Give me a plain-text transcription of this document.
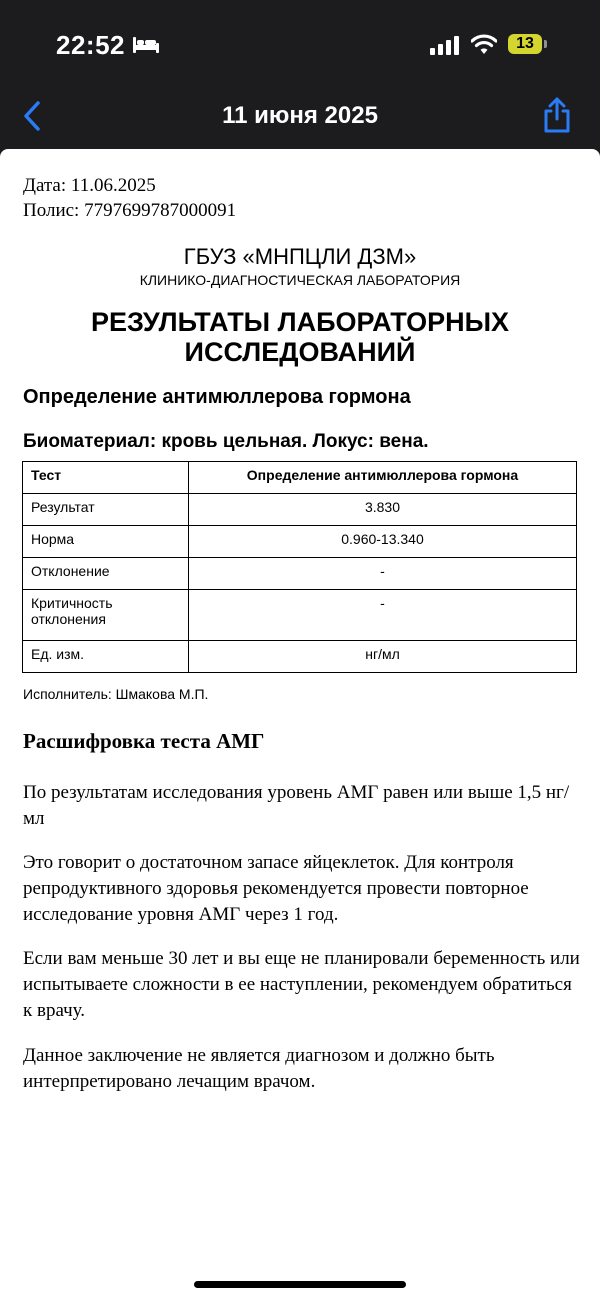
22:52	13
11 июня 2025
Дата: 11.06.2025
Полис: 7797699787000091
ГБУЗ «МНПЦЛИ ДЗМ»
КЛИНИКО-ДИАГНОСТИЧЕСКАЯ ЛАБОРАТОРИЯ
РЕЗУЛЬТАТЫ ЛАБОРАТОРНЫХ ИССЛЕДОВАНИЙ
Определение антимюллерова гормона
Биоматериал: кровь цельная. Локус: вена.
Тест	Определение антимюллерова гормона
Результат	3.830
Норма	0.960-13.340
Отклонение	-
Критичность отклонения	-
Ед. изм.	нг/мл
Исполнитель: Шмакова М.П.
Расшифровка теста АМГ
По результатам исследования уровень АМГ равен или выше 1,5 нг/мл
Это говорит о достаточном запасе яйцеклеток. Для контроля репродуктивного здоровья рекомендуется провести повторное исследование уровня АМГ через 1 год.
Если вам меньше 30 лет и вы еще не планировали беременность или испытываете сложности в ее наступлении, рекомендуем обратиться к врачу.
Данное заключение не является диагнозом и должно быть интерпретировано лечащим врачом.
